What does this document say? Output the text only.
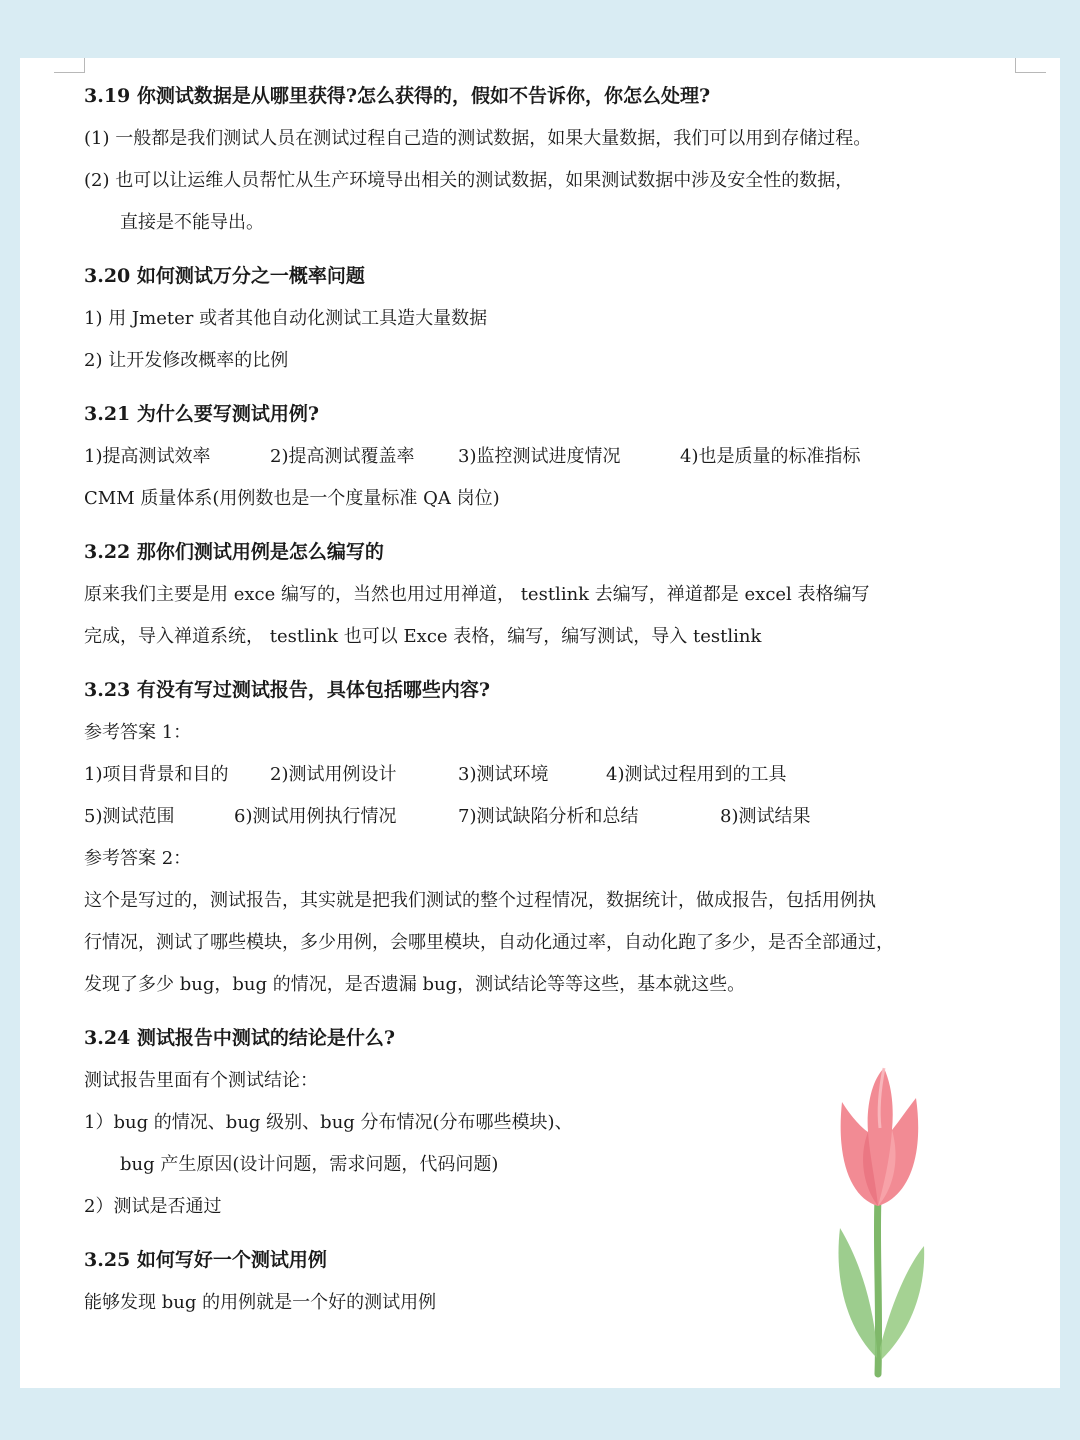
3.19 你测试数据是从哪里获得?怎么获得的，假如不告诉你，你怎么处理?

(1) 一般都是我们测试人员在测试过程自己造的测试数据，如果大量数据，我们可以用到存储过程。

(2) 也可以让运维人员帮忙从生产环境导出相关的测试数据，如果测试数据中涉及安全性的数据，

直接是不能导出。

3.20 如何测试万分之一概率问题

1) 用 Jmeter 或者其他自动化测试工具造大量数据

2) 让开发修改概率的比例

3.21 为什么要写测试用例?

1)提高测试效率	2)提高测试覆盖率 3)监控测试进度情况	4)也是质量的标准指标

CMM 质量体系(用例数也是一个度量标准 QA 岗位)

3.22 那你们测试用例是怎么编写的

原来我们主要是用 exce 编写的，当然也用过用禅道， testlink 去编写，禅道都是 excel 表格编写

完成，导入禅道系统， testlink 也可以 Exce 表格，编写，编写测试，导入 testlink

3.23 有没有写过测试报告，具体包括哪些内容?

参考答案 1：

1)项目背景和目的 2)测试用例设计	3)测试环境	4)测试过程用到的工具

5)测试范围	6)测试用例执行情况	7)测试缺陷分析和总结	8)测试结果

参考答案 2：

这个是写过的，测试报告，其实就是把我们测试的整个过程情况，数据统计，做成报告，包括用例执

行情况，测试了哪些模块，多少用例，会哪里模块，自动化通过率，自动化跑了多少，是否全部通过，

发现了多少 bug，bug 的情况，是否遗漏 bug，测试结论等等这些，基本就这些。

3.24 测试报告中测试的结论是什么?

测试报告里面有个测试结论：

1）bug 的情况、bug 级别、bug 分布情况(分布哪些模块)、

bug 产生原因(设计问题，需求问题，代码问题)

2）测试是否通过

3.25 如何写好一个测试用例

能够发现 bug 的用例就是一个好的测试用例
